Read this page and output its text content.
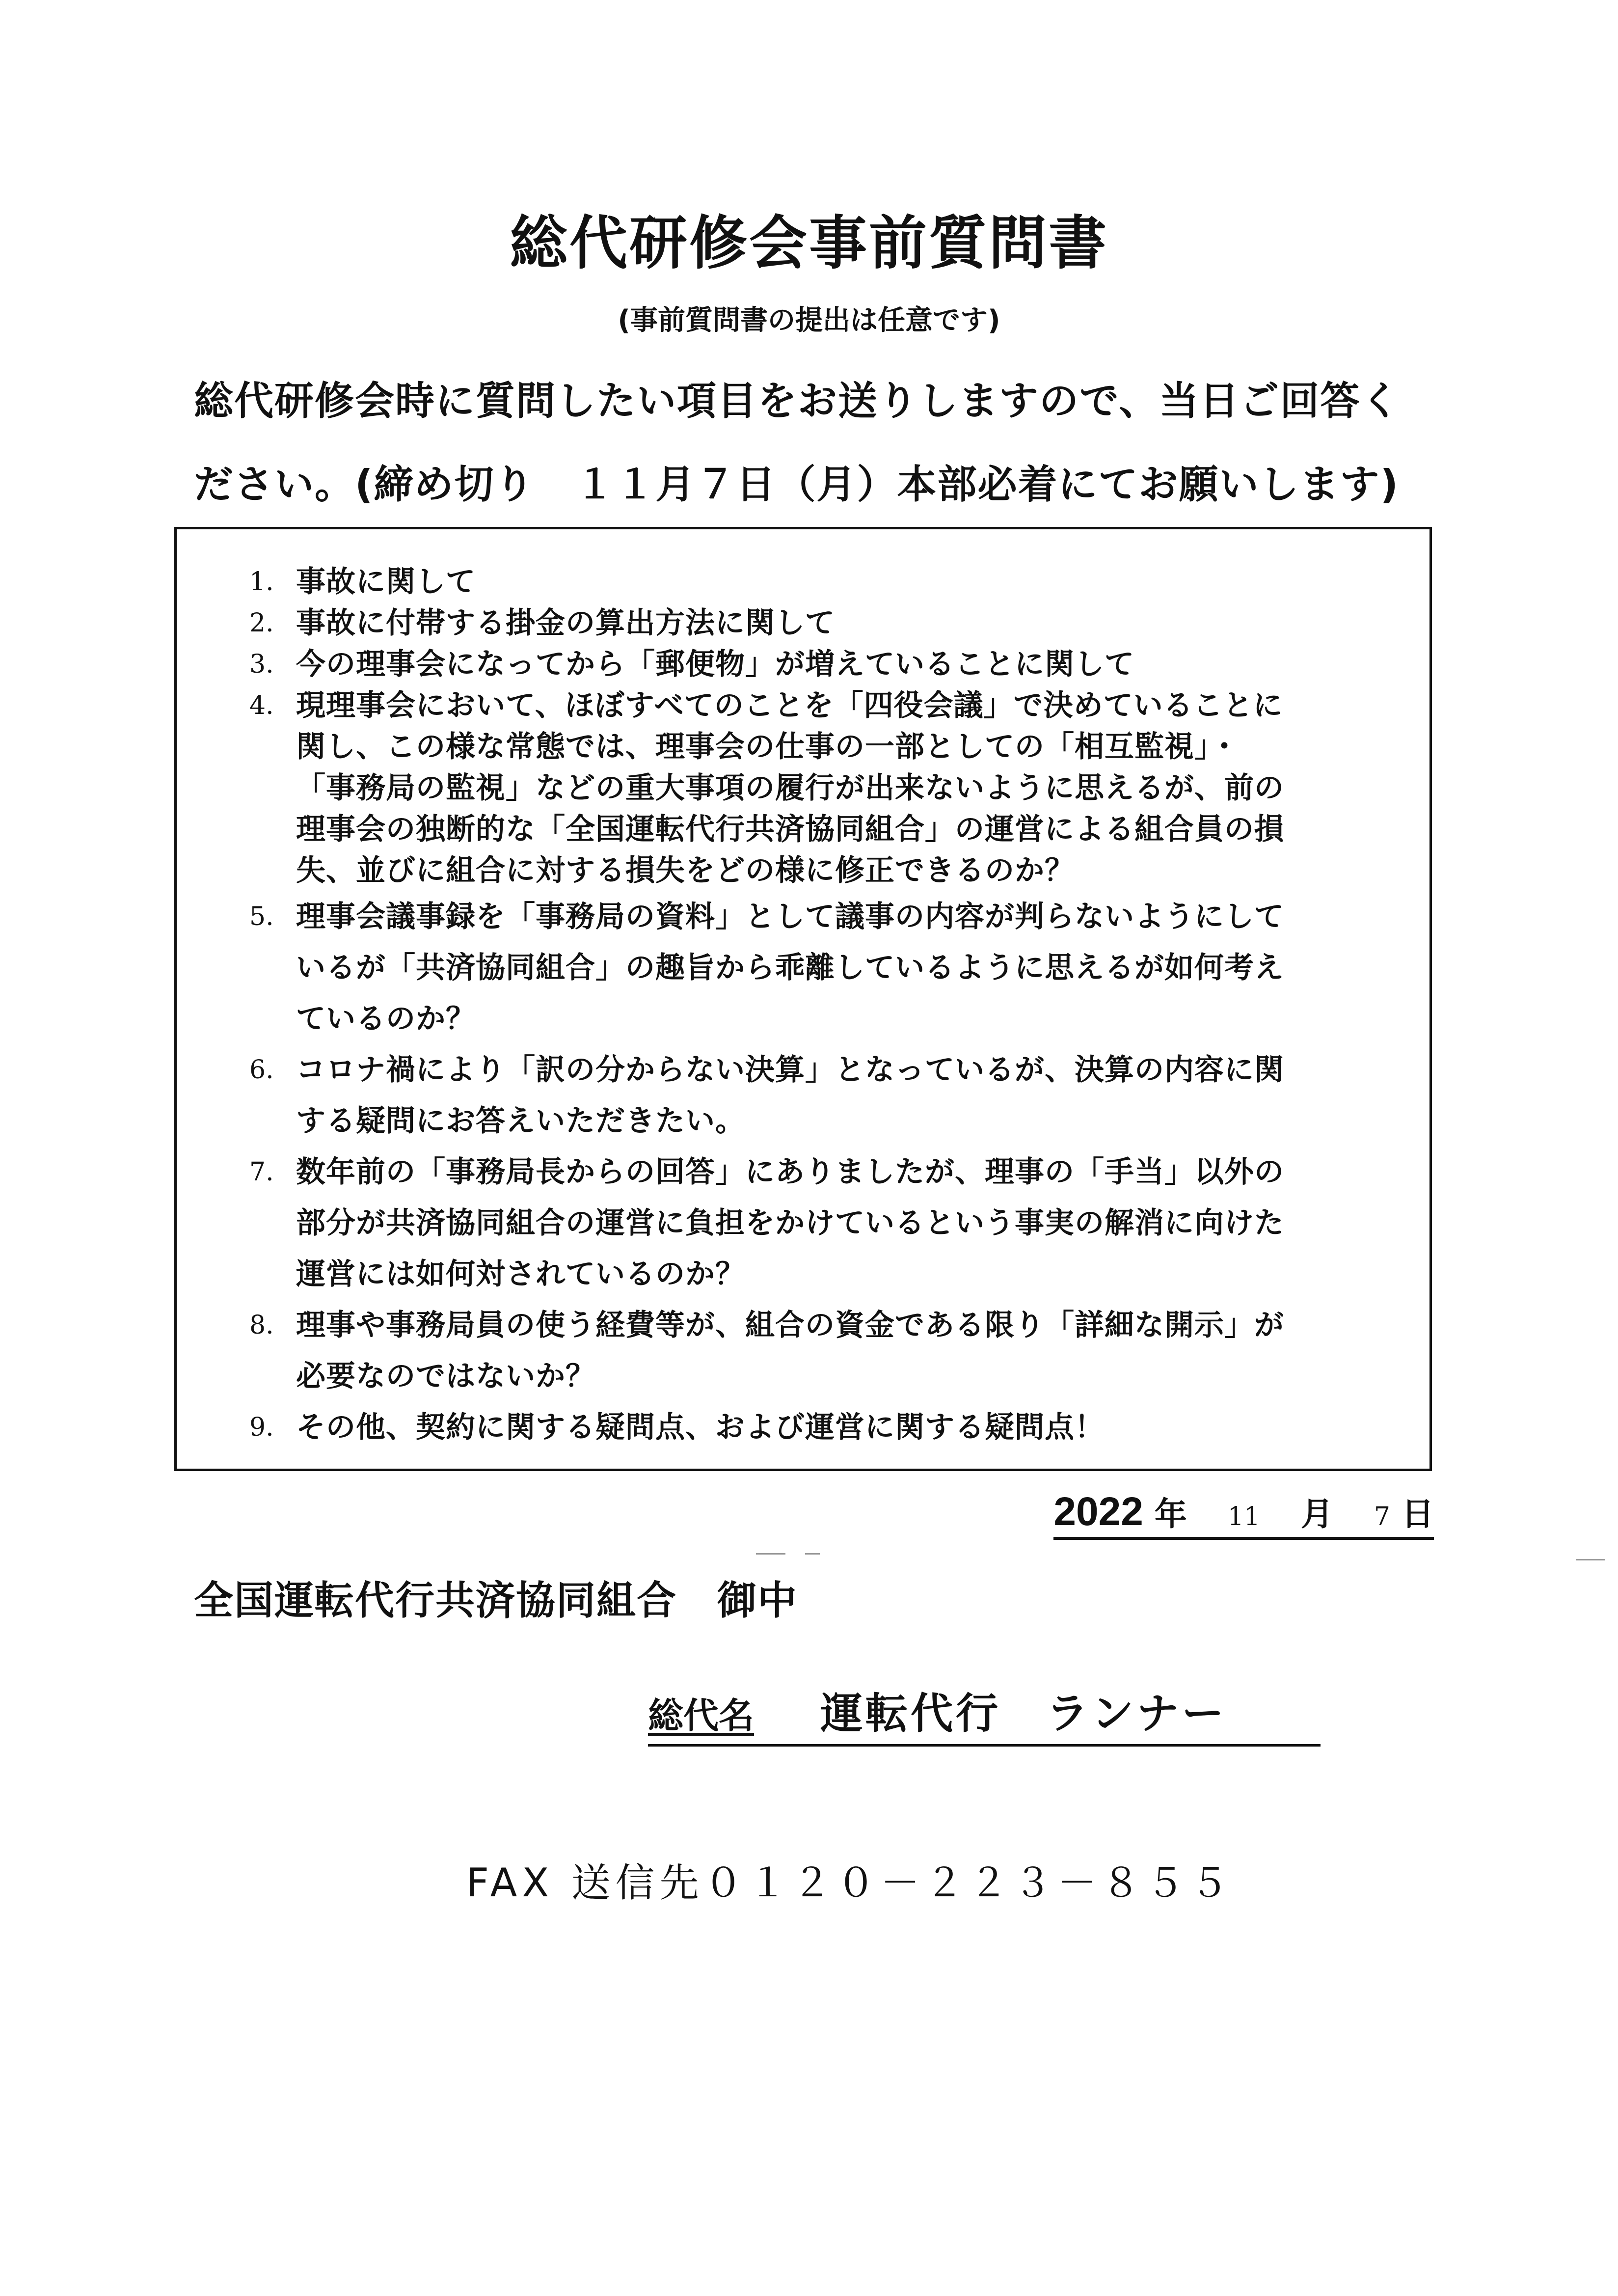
総代研修会事前質問書
(事前質問書の提出は任意です)
総代研修会時に質問したい項目をお送りしますので、当日ご回答く
ださい。(締め切り　１１月７日（月）本部必着にてお願いします)
1. 事故に関して
2. 事故に付帯する掛金の算出方法に関して
3. 今の理事会になってから「郵便物」が増えていることに関して
4. 現理事会において、ほぼすべてのことを「四役会議」で決めていることに
関し、この様な常態では、理事会の仕事の一部としての「相互監視」・
「事務局の監視」などの重大事項の履行が出来ないように思えるが、前の
理事会の独断的な「全国運転代行共済協同組合」の運営による組合員の損
失、並びに組合に対する損失をどの様に修正できるのか？
5. 理事会議事録を「事務局の資料」として議事の内容が判らないようにして
いるが「共済協同組合」の趣旨から乖離しているように思えるが如何考え
ているのか？
6. コロナ禍により「訳の分からない決算」となっているが、決算の内容に関
する疑問にお答えいただきたい。
7. 数年前の「事務局長からの回答」にありましたが、理事の「手当」以外の
部分が共済協同組合の運営に負担をかけているという事実の解消に向けた
運営には如何対されているのか？
8. 理事や事務局員の使う経費等が、組合の資金である限り「詳細な開示」が
必要なのではないか？
9. その他、契約に関する疑問点、および運営に関する疑問点！
2022 年 11 月 7 日
全国運転代行共済協同組合　御中
総代名 運転代行　ランナー
FAX 送信先０１２０－２２３－８５５
